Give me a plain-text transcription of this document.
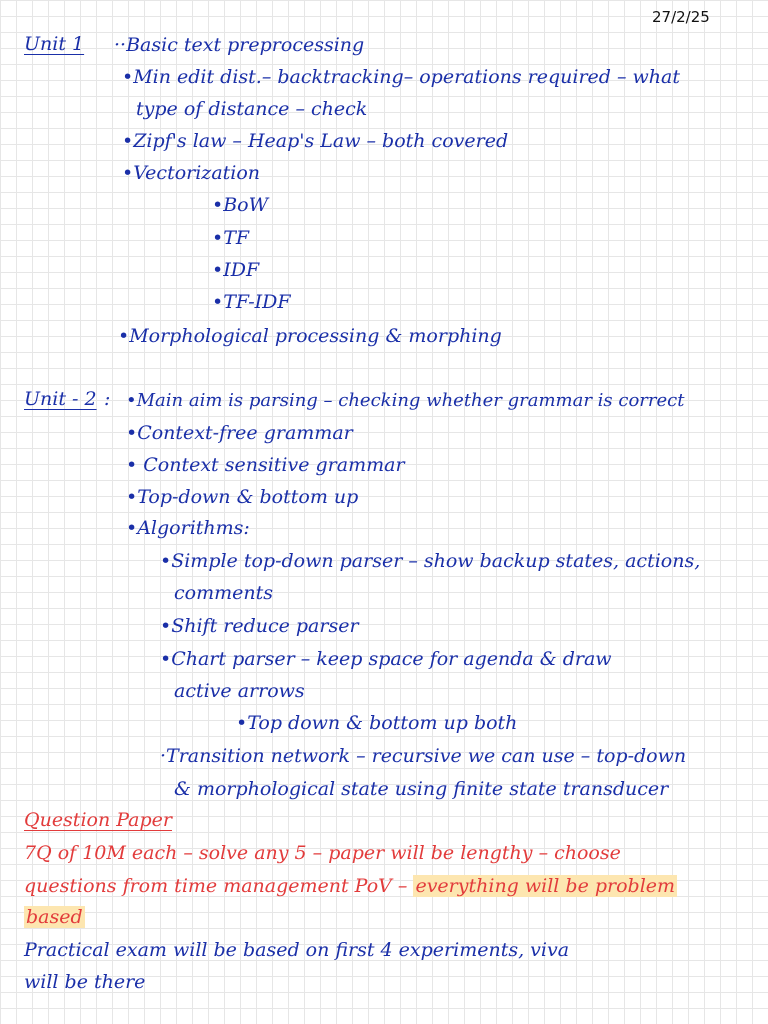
27/2/25
Unit 1 ··Basic text preprocessing
•Min edit dist.– backtracking– operations required – what
type of distance – check
•Zipf's law – Heap's Law – both covered
•Vectorization
•BoW
•TF
•IDF
•TF-IDF
•Morphological processing & morphing
Unit - 2 : •Main aim is parsing – checking whether grammar is correct
•Context-free grammar
• Context sensitive grammar
•Top-down & bottom up
•Algorithms:
•Simple top-down parser – show backup states, actions,
comments
•Shift reduce parser
•Chart parser – keep space for agenda & draw
active arrows
•Top down & bottom up both
·Transition network – recursive we can use – top-down
& morphological state using finite state transducer
Question Paper
7Q of 10M each – solve any 5 – paper will be lengthy – choose
questions from time management PoV – everything will be problem
based
Practical exam will be based on first 4 experiments, viva
will be there
